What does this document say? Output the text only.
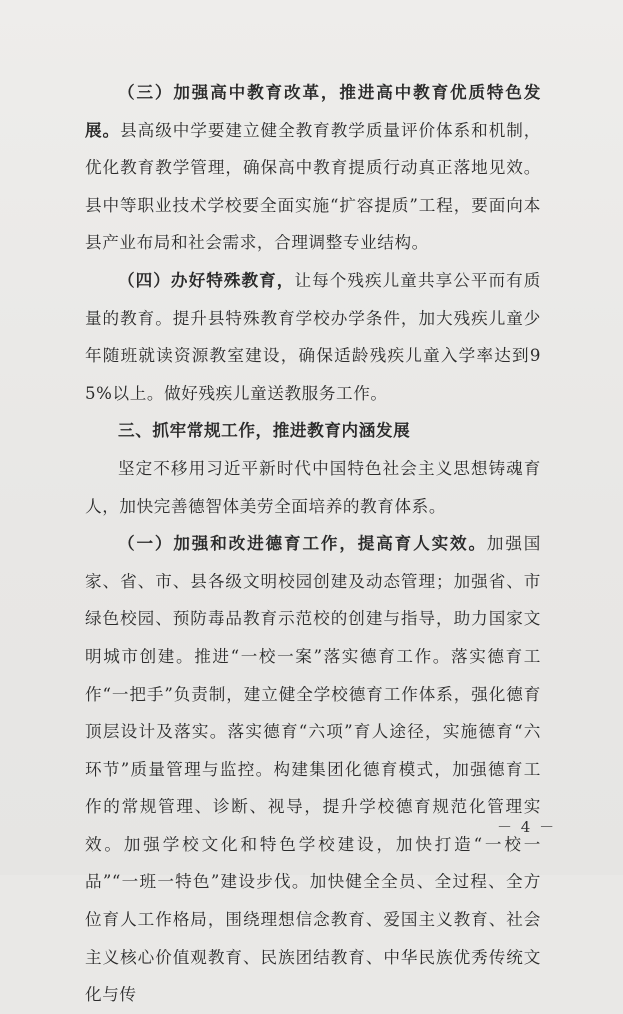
（三）加强高中教育改革，推进高中教育优质特色发展。县高级中学要建立健全教育教学质量评价体系和机制，优化教育教学管理，确保高中教育提质行动真正落地见效。县中等职业技术学校要全面实施“扩容提质”工程，要面向本县产业布局和社会需求，合理调整专业结构。

（四）办好特殊教育，让每个残疾儿童共享公平而有质量的教育。提升县特殊教育学校办学条件，加大残疾儿童少年随班就读资源教室建设，确保适龄残疾儿童入学率达到95%以上。做好残疾儿童送教服务工作。

三、抓牢常规工作，推进教育内涵发展

坚定不移用习近平新时代中国特色社会主义思想铸魂育人，加快完善德智体美劳全面培养的教育体系。

（一）加强和改进德育工作，提高育人实效。加强国家、省、市、县各级文明校园创建及动态管理；加强省、市绿色校园、预防毒品教育示范校的创建与指导，助力国家文明城市创建。推进“一校一案”落实德育工作。落实德育工作“一把手”负责制，建立健全学校德育工作体系，强化德育顶层设计及落实。落实德育“六项”育人途径，实施德育“六环节”质量管理与监控。构建集团化德育模式，加强德育工作的常规管理、诊断、视导，提升学校德育规范化管理实效。加强学校文化和特色学校建设，加快打造“一校一品”“一班一特色”建设步伐。加快健全全员、全过程、全方位育人工作格局，围绕理想信念教育、爱国主义教育、社会主义核心价值观教育、民族团结教育、中华民族优秀传统文化与传

－ 4 －
